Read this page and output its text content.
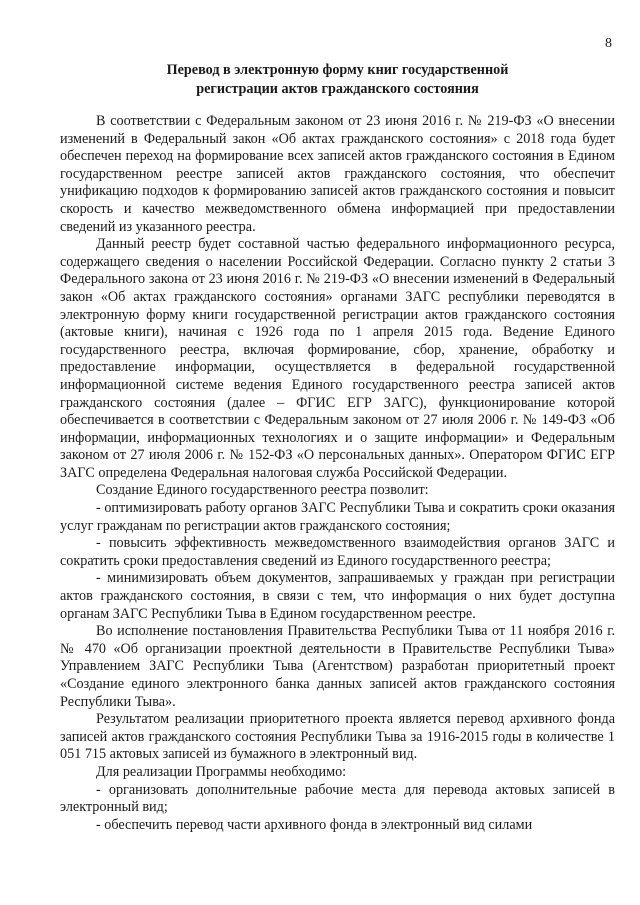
8
Перевод в электронную форму книг государственной
регистрации актов гражданского состояния

В соответствии с Федеральным законом от 23 июня 2016 г. № 219-ФЗ «О внесении изменений в Федеральный закон «Об актах гражданского состояния» с 2018 года будет обеспечен переход на формирование всех записей актов гражданского состояния в Едином государственном реестре записей актов гражданского состояния, что обеспечит унификацию подходов к формированию записей актов гражданского состояния и повысит скорость и качество межведомственного обмена информацией при предоставлении сведений из указанного реестра.

Данный реестр будет составной частью федерального информационного ресурса, содержащего сведения о населении Российской Федерации. Согласно пункту 2 статьи 3 Федерального закона от 23 июня 2016 г. № 219-ФЗ «О внесении изменений в Федеральный закон «Об актах гражданского состояния» органами ЗАГС республики переводятся в электронную форму книги государственной регистрации актов гражданского состояния (актовые книги), начиная с 1926 года по 1 апреля 2015 года. Ведение Единого государственного реестра, включая формирование, сбор, хранение, обработку и предоставление информации, осуществляется в федеральной государственной информационной системе ведения Единого государственного реестра записей актов гражданского состояния (далее – ФГИС ЕГР ЗАГС), функционирование которой обеспечивается в соответствии с Федеральным законом от 27 июля 2006 г. № 149-ФЗ «Об информации, информационных технологиях и о защите информации» и Федеральным законом от 27 июля 2006 г. № 152-ФЗ «О персональных данных». Оператором ФГИС ЕГР ЗАГС определена Федеральная налоговая служба Российской Федерации.

Создание Единого государственного реестра позволит:

- оптимизировать работу органов ЗАГС Республики Тыва и сократить сроки оказания услуг гражданам по регистрации актов гражданского состояния;

- повысить эффективность межведомственного взаимодействия органов ЗАГС и сократить сроки предоставления сведений из Единого государственного реестра;

- минимизировать объем документов, запрашиваемых у граждан при регистрации актов гражданского состояния, в связи с тем, что информация о них будет доступна органам ЗАГС Республики Тыва в Едином государственном реестре.

Во исполнение постановления Правительства Республики Тыва от 11 ноября 2016 г. № 470 «Об организации проектной деятельности в Правительстве Республики Тыва» Управлением ЗАГС Республики Тыва (Агентством) разработан приоритетный проект «Создание единого электронного банка данных записей актов гражданского состояния Республики Тыва».

Результатом реализации приоритетного проекта является перевод архивного фонда записей актов гражданского состояния Республики Тыва за 1916-2015 годы в количестве 1 051 715 актовых записей из бумажного в электронный вид.

Для реализации Программы необходимо:

- организовать дополнительные рабочие места для перевода актовых записей в электронный вид;

- обеспечить перевод части архивного фонда в электронный вид силами
